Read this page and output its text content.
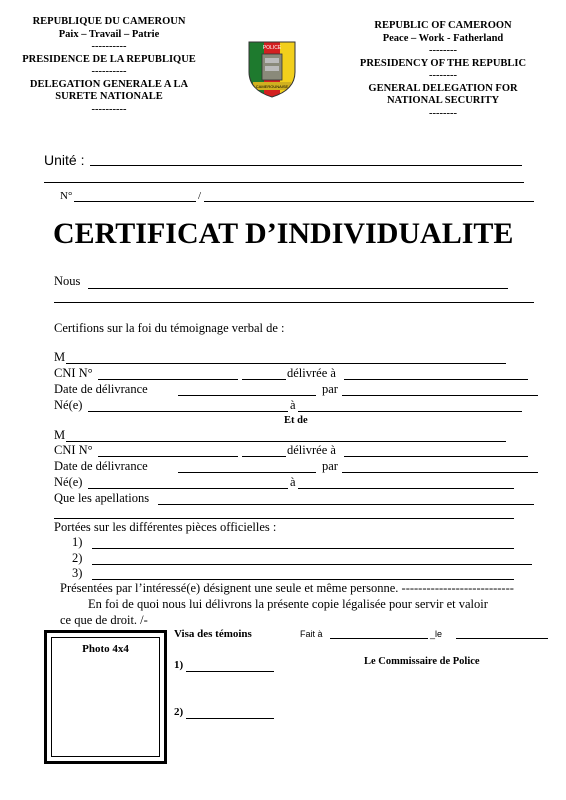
REPUBLIQUE DU CAMEROUN
Paix – Travail – Patrie
----------
PRESIDENCE DE LA REPUBLIQUE
----------
DELEGATION GENERALE A LA
SURETE NATIONALE
----------
POLICE
CAMEROUNAISE
REPUBLIC OF CAMEROON
Peace – Work - Fatherland
--------
PRESIDENCY OF THE REPUBLIC
--------
GENERAL DELEGATION FOR
NATIONAL SECURITY
--------
Unité :
N°	/
CERTIFICAT D’INDIVIDUALITE
Nous
Certifions sur la foi du témoignage verbal de :
M
CNI N°	délivrée à
Date de délivrance	par
Né(e)	à
Et de
M
CNI N°	délivrée à
Date de délivrance	par
Né(e)	à
Que les apellations
Portées sur les différentes pièces officielles :
1)
2)
3)
Présentées par l’intéressé(e) désignent une seule et même personne. ---------------------------
En foi de quoi nous lui délivrons la présente copie légalisée pour servir et valoir
ce que de droit. /-
Photo 4x4
Visa des témoins
1)
2)
Fait à	_le
Le Commissaire de Police
